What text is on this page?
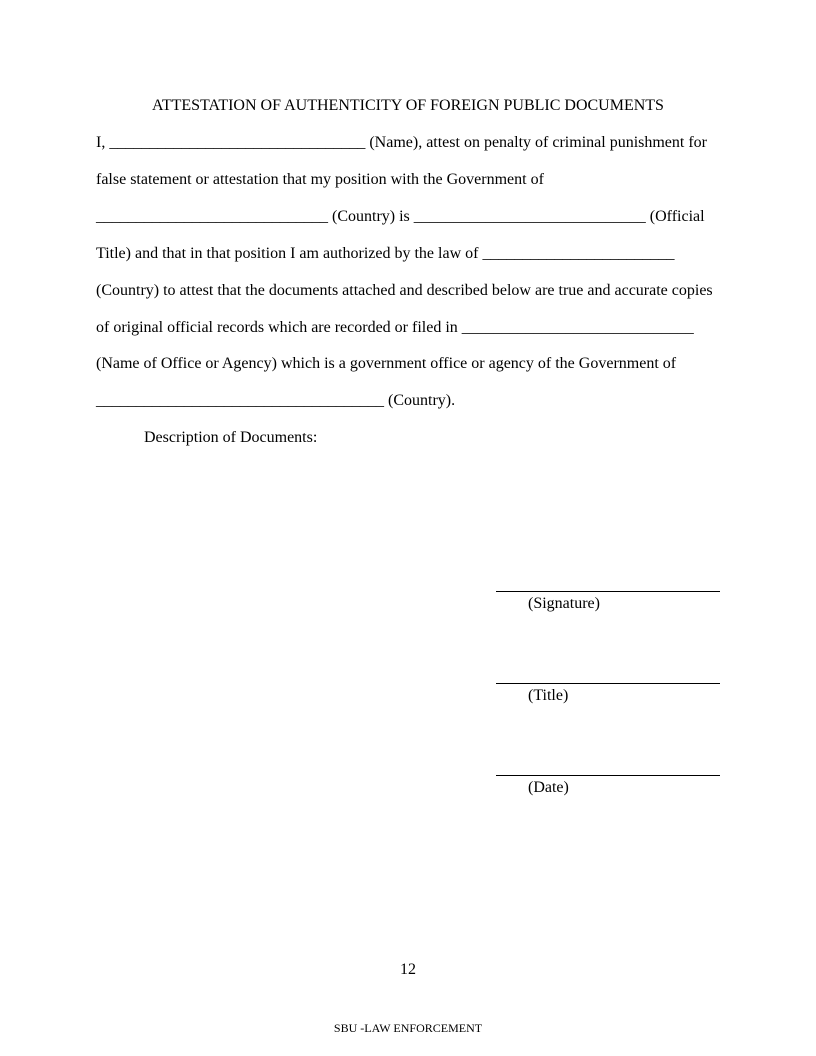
ATTESTATION OF AUTHENTICITY OF FOREIGN PUBLIC DOCUMENTS
I, ________________________________ (Name), attest on penalty of criminal punishment for
false statement or attestation that my position with the Government of
_____________________________ (Country) is _____________________________ (Official
Title) and that in that position I am authorized by the law of ________________________
(Country) to attest that the documents attached and described below are true and accurate copies
of original official records which are recorded or filed in _____________________________
(Name of Office or Agency) which is a government office or agency of the Government of
____________________________________ (Country).
Description of Documents:
(Signature)
(Title)
(Date)
12
SBU -LAW ENFORCEMENT
